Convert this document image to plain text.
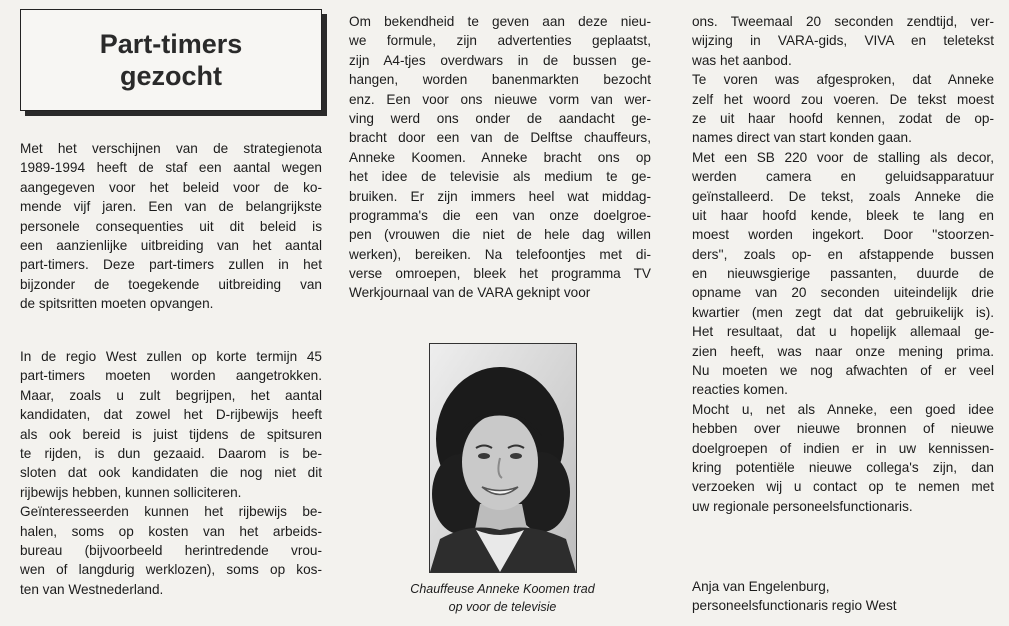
Part-timers
gezocht
Met het verschijnen van de strategienota
1989-1994 heeft de staf een aantal wegen
aangegeven voor het beleid voor de ko-
mende vijf jaren. Een van de belangrijkste
personele consequenties uit dit beleid is
een aanzienlijke uitbreiding van het aantal
part-timers. Deze part-timers zullen in het
bijzonder de toegekende uitbreiding van
de spitsritten moeten opvangen.
In de regio West zullen op korte termijn 45
part-timers moeten worden aangetrokken.
Maar, zoals u zult begrijpen, het aantal
kandidaten, dat zowel het D-rijbewijs heeft
als ook bereid is juist tijdens de spitsuren
te rijden, is dun gezaaid. Daarom is be-
sloten dat ook kandidaten die nog niet dit
rijbewijs hebben, kunnen solliciteren.
Geïnteresseerden kunnen het rijbewijs be-
halen, soms op kosten van het arbeids-
bureau (bijvoorbeeld herintredende vrou-
wen of langdurig werklozen), soms op kos-
ten van Westnederland.
Om bekendheid te geven aan deze nieu-
we formule, zijn advertenties geplaatst,
zijn A4-tjes overdwars in de bussen ge-
hangen, worden banenmarkten bezocht
enz. Een voor ons nieuwe vorm van wer-
ving werd ons onder de aandacht ge-
bracht door een van de Delftse chauffeurs,
Anneke Koomen. Anneke bracht ons op
het idee de televisie als medium te ge-
bruiken. Er zijn immers heel wat middag-
programma's die een van onze doelgroe-
pen (vrouwen die niet de hele dag willen
werken), bereiken. Na telefoontjes met di-
verse omroepen, bleek het programma TV
Werkjournaal van de VARA geknipt voor
Chauffeuse Anneke Koomen trad
op voor de televisie
ons. Tweemaal 20 seconden zendtijd, ver-
wijzing in VARA-gids, VIVA en teletekst
was het aanbod.
Te voren was afgesproken, dat Anneke
zelf het woord zou voeren. De tekst moest
ze uit haar hoofd kennen, zodat de op-
names direct van start konden gaan.
Met een SB 220 voor de stalling als decor,
werden camera en geluidsapparatuur
geïnstalleerd. De tekst, zoals Anneke die
uit haar hoofd kende, bleek te lang en
moest worden ingekort. Door ''stoorzen-
ders'', zoals op- en afstappende bussen
en nieuwsgierige passanten, duurde de
opname van 20 seconden uiteindelijk drie
kwartier (men zegt dat dat gebruikelijk is).
Het resultaat, dat u hopelijk allemaal ge-
zien heeft, was naar onze mening prima.
Nu moeten we nog afwachten of er veel
reacties komen.
Mocht u, net als Anneke, een goed idee
hebben over nieuwe bronnen of nieuwe
doelgroepen of indien er in uw kennissen-
kring potentiële nieuwe collega's zijn, dan
verzoeken wij u contact op te nemen met
uw regionale personeelsfunctionaris.
Anja van Engelenburg,
personeelsfunctionaris regio West
